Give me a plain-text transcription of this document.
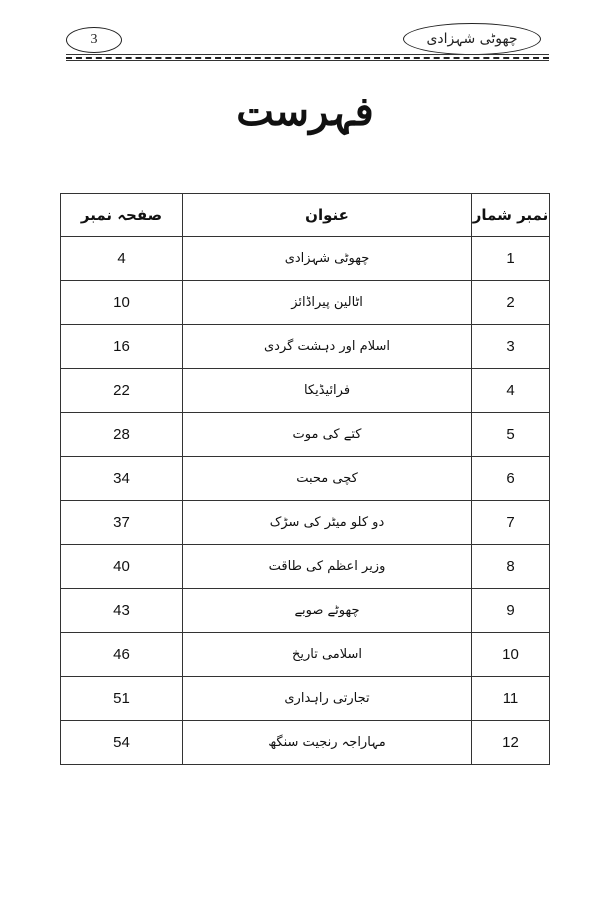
3	چھوٹی شہزادی
فہرست
صفحہ نمبر	عنوان	نمبر شمار
4	چھوٹی شہزادی	1
10	اٹالین پیراڈائز	2
16	اسلام اور دہشت گردی	3
22	فرائیڈیکا	4
28	کتے کی موت	5
34	کچی محبت	6
37	دو کلو میٹر کی سڑک	7
40	وزیر اعظم کی طاقت	8
43	چھوٹے صوبے	9
46	اسلامی تاریخ	10
51	تجارتی راہداری	11
54	مہاراجہ رنجیت سنگھ	12
